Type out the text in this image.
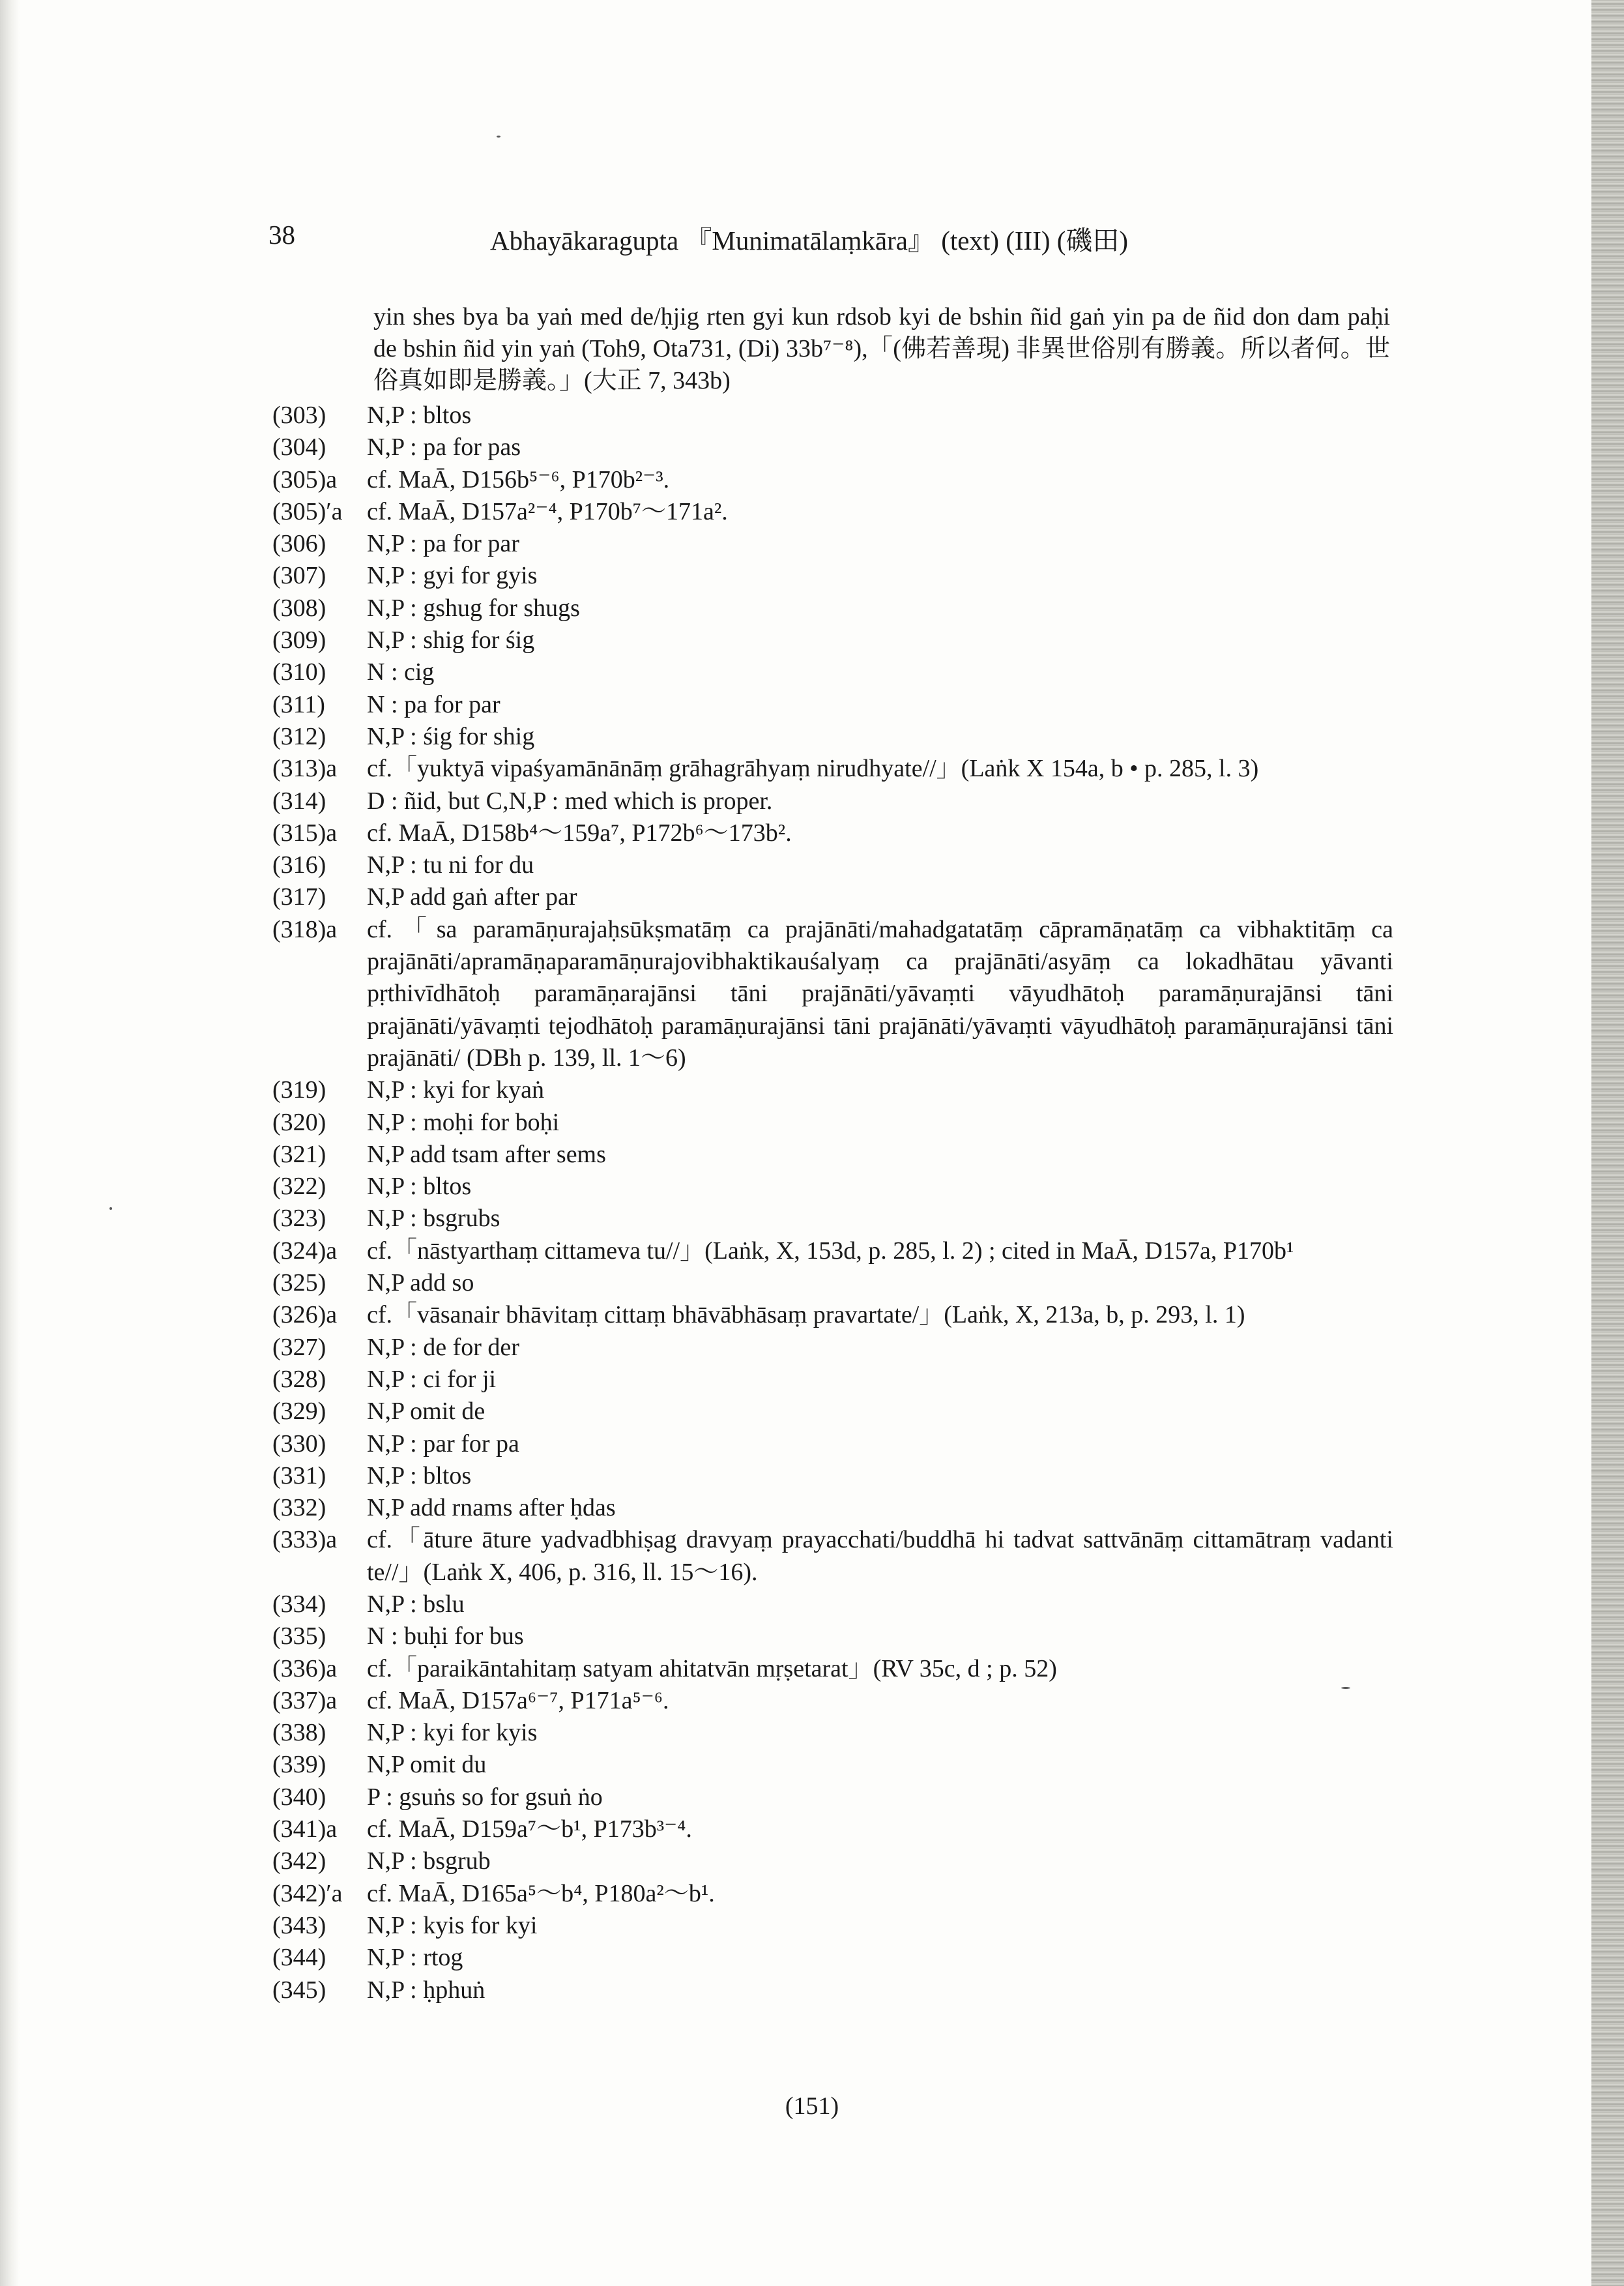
38	Abhayākaragupta 『Munimatālaṃkāra』 (text) (III) (磯田)
yin shes bya ba yaṅ med de/ḥjig rten gyi kun rdsob kyi de bshin ñid gaṅ yin pa de ñid don dam paḥi de bshin ñid yin yaṅ (Toh9, Ota731, (Di) 33b⁷⁻⁸),「(佛若善現) 非異世俗別有勝義。所以者何。世俗真如即是勝義。」(大正 7, 343b)
(303)	N,P : bltos
(304)	N,P : pa for pas
(305)a	cf. MaĀ, D156b⁵⁻⁶, P170b²⁻³.
(305)′a cf. MaĀ, D157a²⁻⁴, P170b⁷～171a².
(306)	N,P : pa for par
(307)	N,P : gyi for gyis
(308)	N,P : gshug for shugs
(309)	N,P : shig for śig
(310)	N : cig
(311)	N : pa for par
(312)	N,P : śig for shig
(313)a	cf.「yuktyā vipaśyamānānāṃ grāhagrāhyaṃ nirudhyate//」(Laṅk X 154a, b • p. 285, l. 3)
(314)	D : ñid, but C,N,P : med which is proper.
(315)a	cf. MaĀ, D158b⁴～159a⁷, P172b⁶～173b².
(316)	N,P : tu ni for du
(317)	N,P add gaṅ after par
(318)a	cf.「sa paramāṇurajaḥsūkṣmatāṃ ca prajānāti/mahadgatatāṃ cāpramāṇatāṃ ca vibhaktitāṃ ca prajānāti/apramāṇaparamāṇurajovibhaktikauśalyaṃ ca prajānāti/asyāṃ ca lokadhātau yāvanti pṛthivīdhātoḥ paramāṇarajānsi tāni prajānāti/yāvaṃti vāyudhātoḥ paramāṇurajānsi tāni prajānāti/yāvaṃti tejodhātoḥ paramāṇurajānsi tāni prajānāti/yāvaṃti vāyudhātoḥ paramāṇurajānsi tāni prajānāti/ (DBh p. 139, ll. 1～6)
(319)	N,P : kyi for kyaṅ
(320)	N,P : moḥi for boḥi
(321)	N,P add tsam after sems
(322)	N,P : bltos
(323)	N,P : bsgrubs
(324)a	cf.「nāstyarthaṃ cittameva tu//」(Laṅk, X, 153d, p. 285, l. 2) ; cited in MaĀ, D157a, P170b¹
(325)	N,P add so
(326)a	cf.「vāsanair bhāvitaṃ cittaṃ bhāvābhāsaṃ pravartate/」(Laṅk, X, 213a, b, p. 293, l. 1)
(327)	N,P : de for der
(328)	N,P : ci for ji
(329)	N,P omit de
(330)	N,P : par for pa
(331)	N,P : bltos
(332)	N,P add rnams after ḥdas
(333)a	cf.「āture āture yadvadbhiṣag dravyaṃ prayacchati/buddhā hi tadvat sattvānāṃ cittamātraṃ vadanti te//」(Laṅk X, 406, p. 316, ll. 15～16).
(334)	N,P : bslu
(335)	N : buḥi for bus
(336)a	cf.「paraikāntahitaṃ satyam ahitatvān mṛṣetarat」(RV 35c, d ; p. 52)
(337)a	cf. MaĀ, D157a⁶⁻⁷, P171a⁵⁻⁶.
(338)	N,P : kyi for kyis
(339)	N,P omit du
(340)	P : gsuṅs so for gsuṅ ṅo
(341)a	cf. MaĀ, D159a⁷～b¹, P173b³⁻⁴.
(342)	N,P : bsgrub
(342)′a cf. MaĀ, D165a⁵～b⁴, P180a²～b¹.
(343)	N,P : kyis for kyi
(344)	N,P : rtog
(345)	N,P : ḥphuṅ
(151)
